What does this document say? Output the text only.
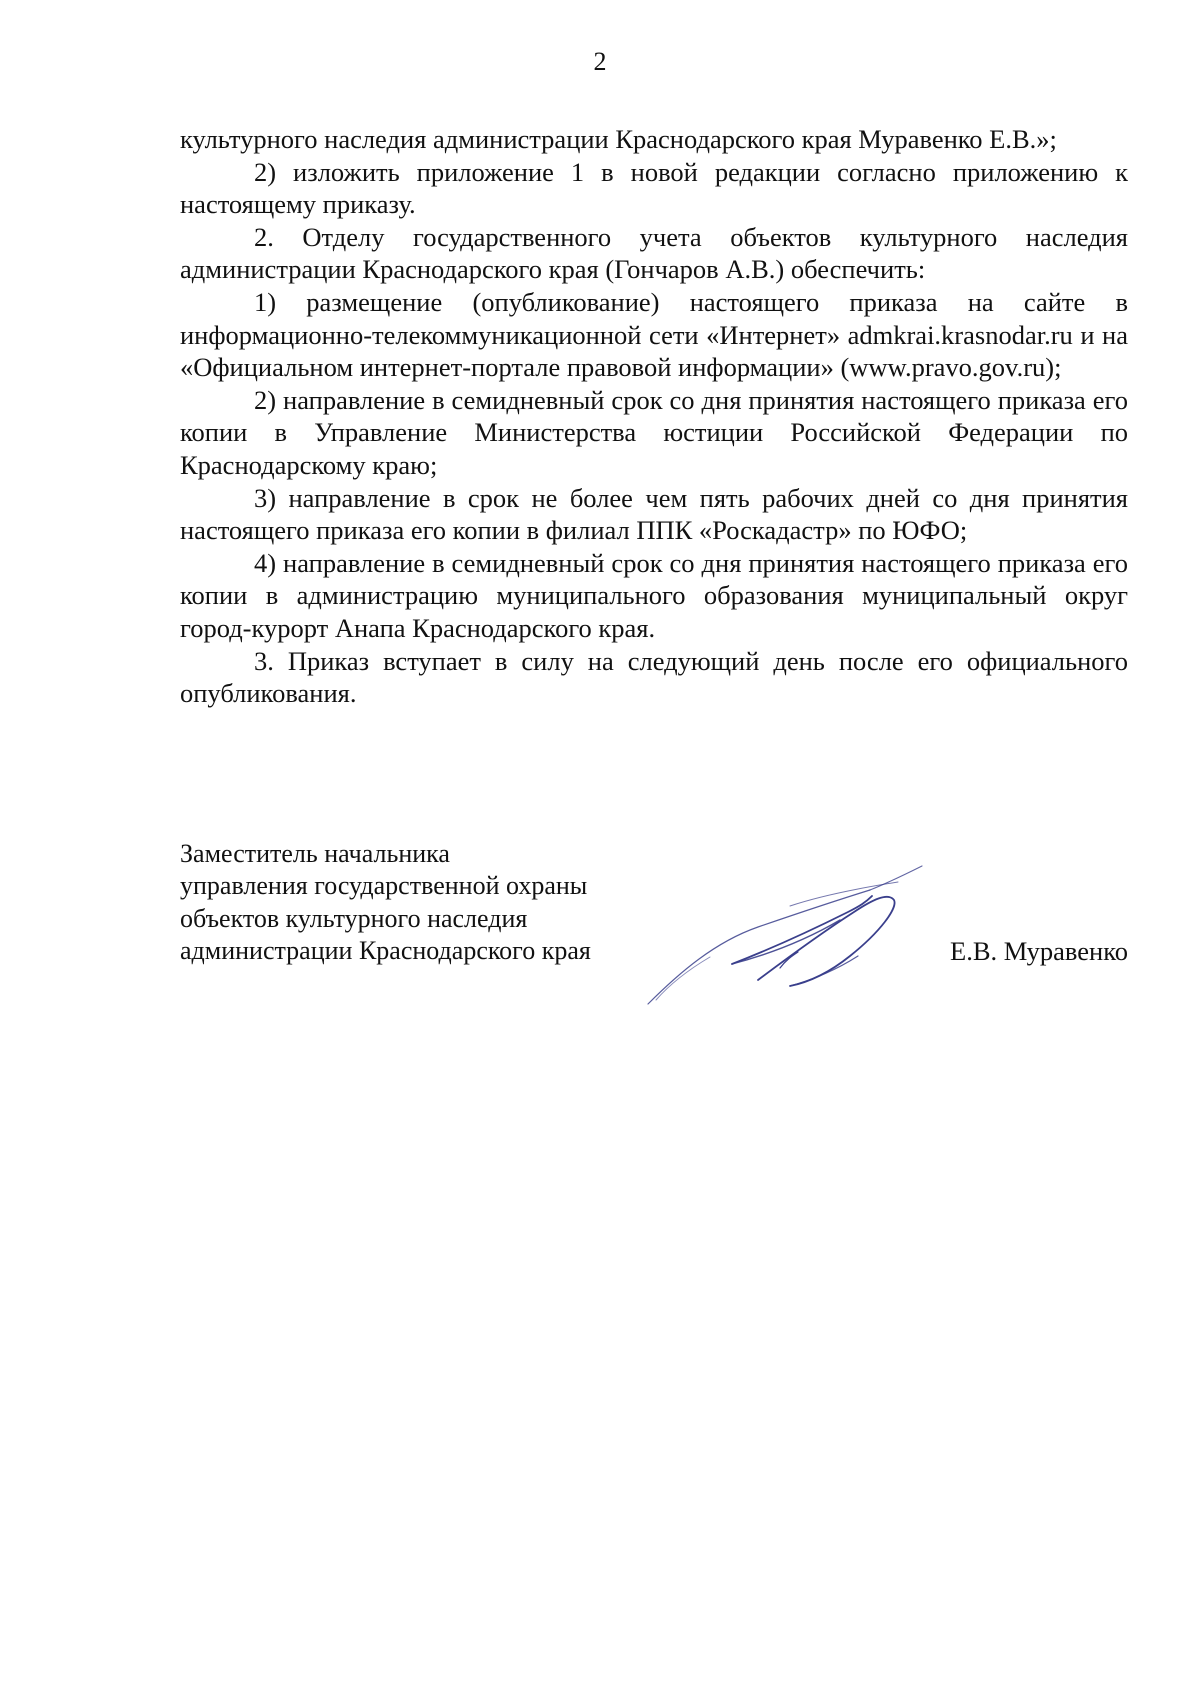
2

культурного наследия администрации Краснодарского края Муравенко Е.В.»;

2) изложить приложение 1 в новой редакции согласно приложению к настоящему приказу.

2. Отделу государственного учета объектов культурного наследия администрации Краснодарского края (Гончаров А.В.) обеспечить:

1) размещение (опубликование) настоящего приказа на сайте в информационно-телекоммуникационной сети «Интернет» admkrai.krasnodar.ru и на «Официальном интернет-портале правовой информации» (www.pravo.gov.ru);

2) направление в семидневный срок со дня принятия настоящего приказа его копии в Управление Министерства юстиции Российской Федерации по Краснодарскому краю;

3) направление в срок не более чем пять рабочих дней со дня принятия настоящего приказа его копии в филиал ППК «Роскадастр» по ЮФО;

4) направление в семидневный срок со дня принятия настоящего приказа его копии в администрацию муниципального образования муниципальный округ город-курорт Анапа Краснодарского края.

3. Приказ вступает в силу на следующий день после его официального опубликования.

Заместитель начальника
управления государственной охраны
объектов культурного наследия
администрации Краснодарского края	Е.В. Муравенко
